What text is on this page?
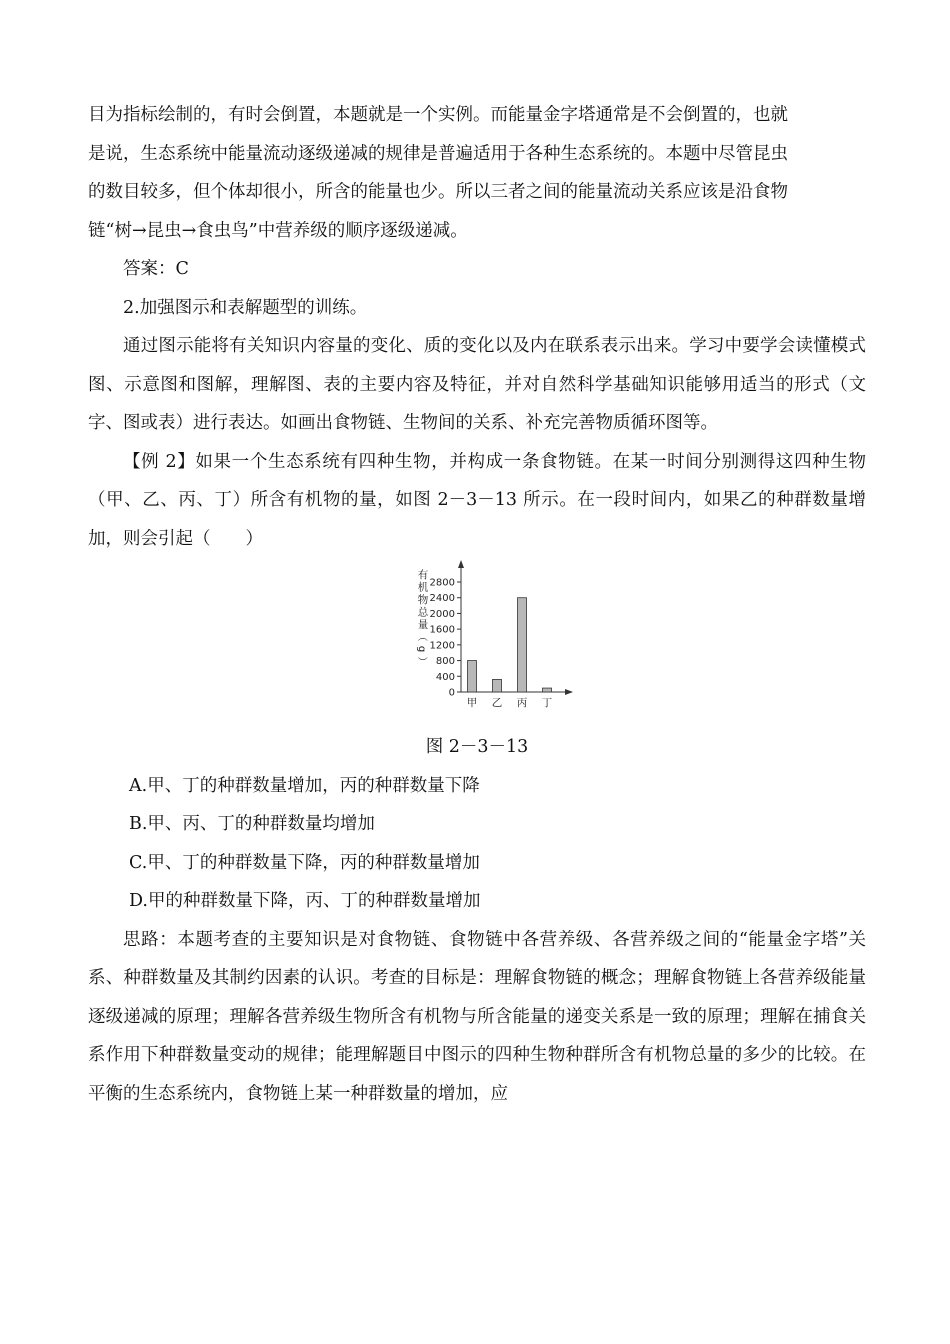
目为指标绘制的，有时会倒置，本题就是一个实例。而能量金字塔通常是不会倒置的，也就

是说，生态系统中能量流动逐级递减的规律是普遍适用于各种生态系统的。本题中尽管昆虫

的数目较多，但个体却很小，所含的能量也少。所以三者之间的能量流动关系应该是沿食物

链“树→昆虫→食虫鸟”中营养级的顺序逐级递减。

答案：C

2.加强图示和表解题型的训练。

通过图示能将有关知识内容量的变化、质的变化以及内在联系表示出来。学习中要学会读懂模式图、示意图和图解，理解图、表的主要内容及特征，并对自然科学基础知识能够用适当的形式（文字、图或表）进行表达。如画出食物链、生物间的关系、补充完善物质循环图等。

【例 2】如果一个生态系统有四种生物，并构成一条食物链。在某一时间分别测得这四种生物（甲、乙、丙、丁）所含有机物的量，如图 2－3－13 所示。在一段时间内，如果乙的种群数量增加，则会引起（　　）

0
400
800
1200
1600
2000
2400
2800
有
机
物
总
量
（
g
）
甲 乙 丙 丁

图 2－3－13

A.甲、丁的种群数量增加，丙的种群数量下降

B.甲、丙、丁的种群数量均增加

C.甲、丁的种群数量下降，丙的种群数量增加

D.甲的种群数量下降，丙、丁的种群数量增加

思路：本题考查的主要知识是对食物链、食物链中各营养级、各营养级之间的“能量金字塔”关系、种群数量及其制约因素的认识。考查的目标是：理解食物链的概念；理解食物链上各营养级能量逐级递减的原理；理解各营养级生物所含有机物与所含能量的递变关系是一致的原理；理解在捕食关系作用下种群数量变动的规律；能理解题目中图示的四种生物种群所含有机物总量的多少的比较。在平衡的生态系统内，食物链上某一种群数量的增加，应
